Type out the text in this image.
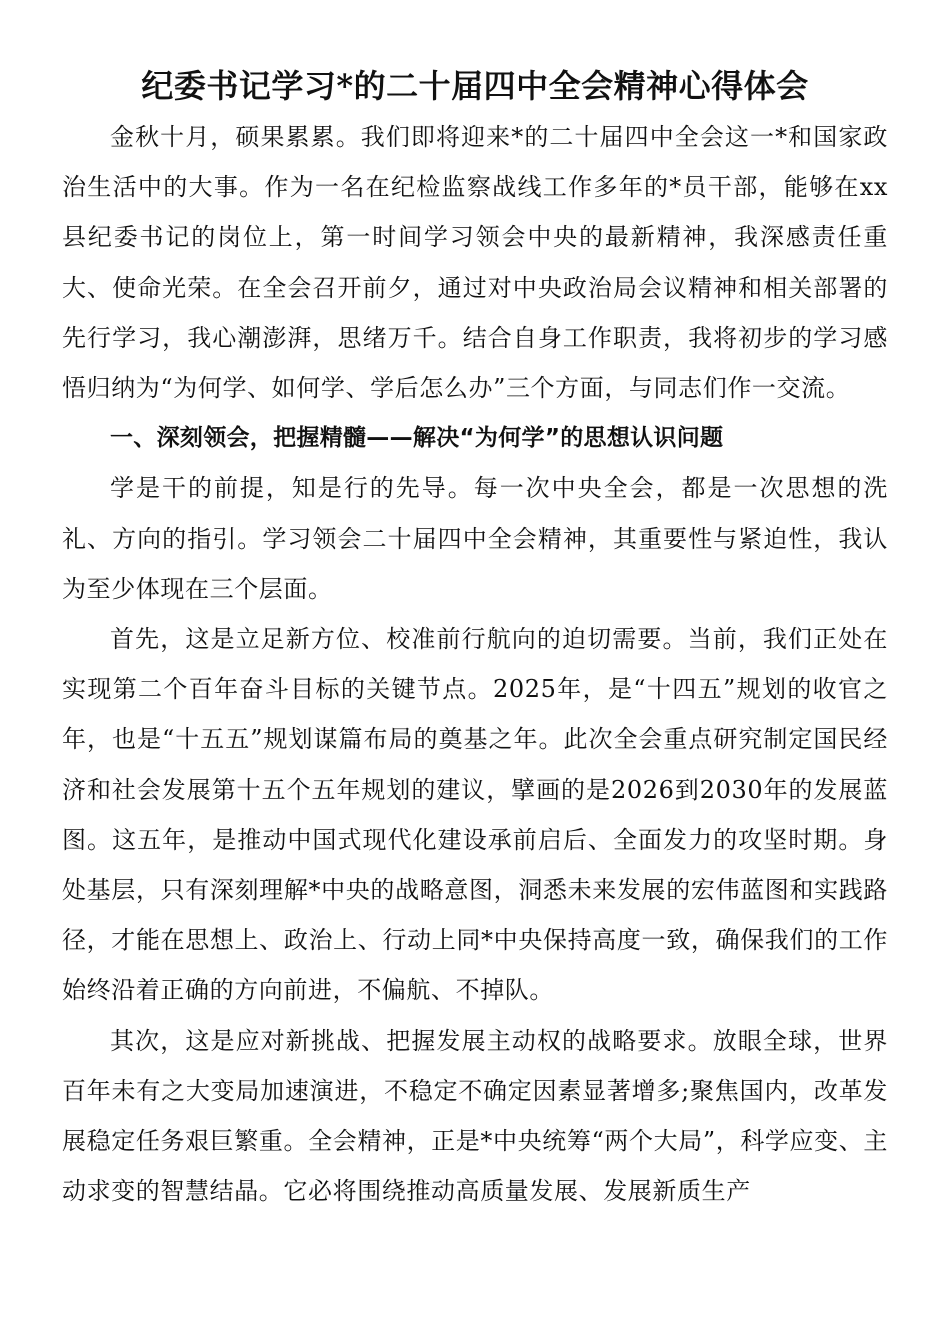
纪委书记学习*的二十届四中全会精神心得体会

金秋十月，硕果累累。我们即将迎来*的二十届四中全会这一*和国家政治生活中的大事。作为一名在纪检监察战线工作多年的*员干部，能够在xx县纪委书记的岗位上，第一时间学习领会中央的最新精神，我深感责任重大、使命光荣。在全会召开前夕，通过对中央政治局会议精神和相关部署的先行学习，我心潮澎湃，思绪万千。结合自身工作职责，我将初步的学习感悟归纳为“为何学、如何学、学后怎么办”三个方面，与同志们作一交流。

一、深刻领会，把握精髓——解决“为何学”的思想认识问题

学是干的前提，知是行的先导。每一次中央全会，都是一次思想的洗礼、方向的指引。学习领会二十届四中全会精神，其重要性与紧迫性，我认为至少体现在三个层面。

首先，这是立足新方位、校准前行航向的迫切需要。当前，我们正处在实现第二个百年奋斗目标的关键节点。2025年，是“十四五”规划的收官之年，也是“十五五”规划谋篇布局的奠基之年。此次全会重点研究制定国民经济和社会发展第十五个五年规划的建议，擘画的是2026到2030年的发展蓝图。这五年，是推动中国式现代化建设承前启后、全面发力的攻坚时期。身处基层，只有深刻理解*中央的战略意图，洞悉未来发展的宏伟蓝图和实践路径，才能在思想上、政治上、行动上同*中央保持高度一致，确保我们的工作始终沿着正确的方向前进，不偏航、不掉队。

其次，这是应对新挑战、把握发展主动权的战略要求。放眼全球，世界百年未有之大变局加速演进，不稳定不确定因素显著增多;聚焦国内，改革发展稳定任务艰巨繁重。全会精神，正是*中央统筹“两个大局”，科学应变、主动求变的智慧结晶。它必将围绕推动高质量发展、发展新质生产
